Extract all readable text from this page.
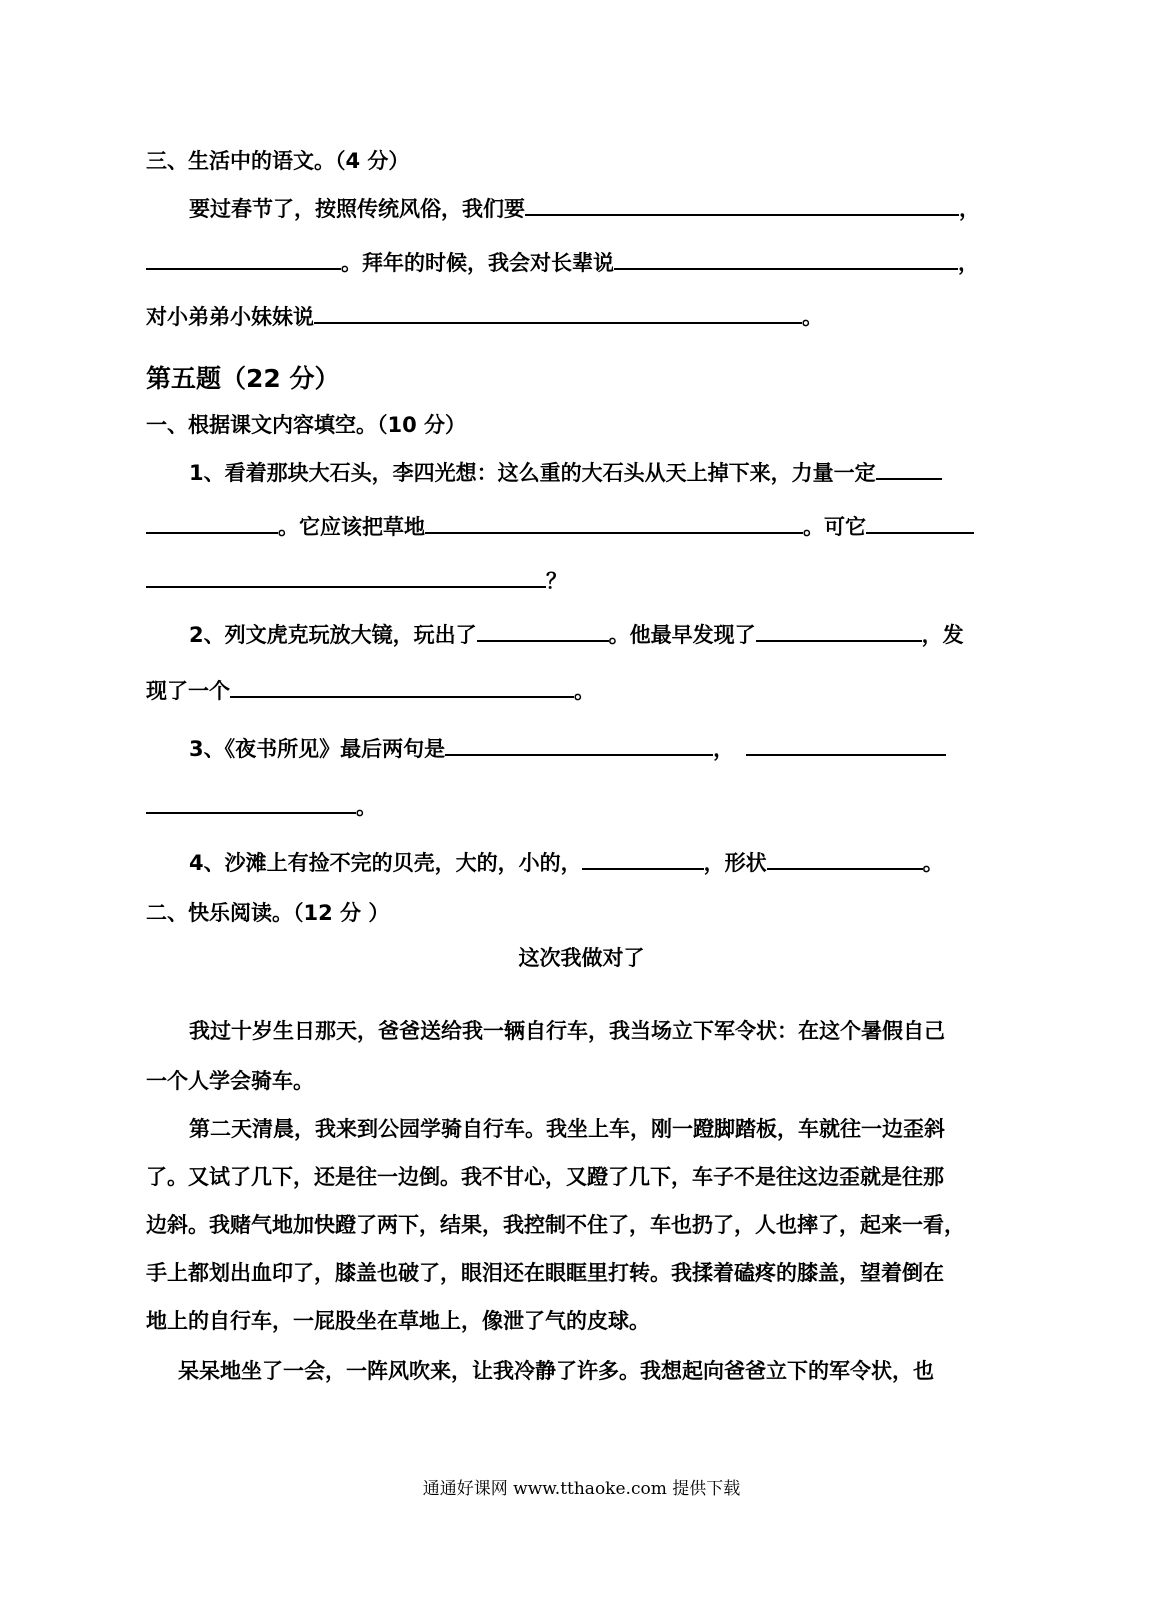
三、生活中的语文。（4 分）
要过春节了，按照传统风俗，我们要	，
。拜年的时候，我会对长辈说	，
对小弟弟小妹妹说	。
第五题（22 分）
一、根据课文内容填空。（10 分）
1、看着那块大石头，李四光想：这么重的大石头从天上掉下来，力量一定
。它应该把草地	。可它
？
2、列文虎克玩放大镜，玩出了	。他最早发现了	，发
现了一个	。
3、《夜书所见》最后两句是	，
。
4、沙滩上有捡不完的贝壳，大的，小的，	，形状	。
二、快乐阅读。（12 分 ）
这次我做对了
我过十岁生日那天，爸爸送给我一辆自行车，我当场立下军令状：在这个暑假自己
一个人学会骑车。
第二天清晨，我来到公园学骑自行车。我坐上车，刚一蹬脚踏板，车就往一边歪斜
了。又试了几下，还是往一边倒。我不甘心，又蹬了几下，车子不是往这边歪就是往那
边斜。我赌气地加快蹬了两下，结果，我控制不住了，车也扔了，人也摔了，起来一看，
手上都划出血印了，膝盖也破了，眼泪还在眼眶里打转。我揉着磕疼的膝盖，望着倒在
地上的自行车，一屁股坐在草地上，像泄了气的皮球。
呆呆地坐了一会，一阵风吹来，让我冷静了许多。我想起向爸爸立下的军令状，也
通通好课网 www.tthaoke.com 提供下载
